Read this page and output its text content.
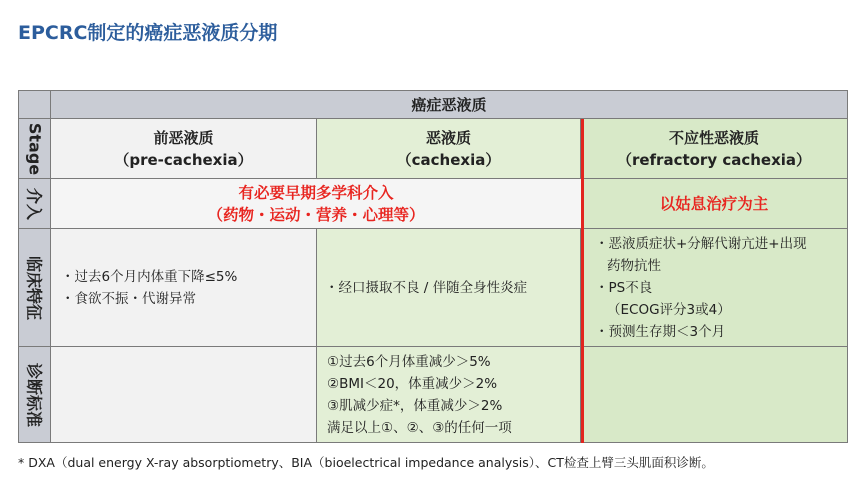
EPCRC制定的癌症恶液质分期
癌症恶液质
Stage
介入
临床特征
诊断标准
前恶液质
（pre-cachexia）
恶液质
（cachexia）
不应性恶液质
（refractory cachexia）
有必要早期多学科介入
（药物・运动・营养・心理等）
以姑息治疗为主
・过去6个月内体重下降≤5%
・食欲不振・代谢异常
・经口摄取不良 / 伴随全身性炎症
・恶液质症状+分解代谢亢进+出现
药物抗性
・PS不良
（ECOG评分3或4）
・预测生存期＜3个月
①过去6个月体重减少＞5%
②BMI＜20，体重减少＞2%
③肌减少症*，体重减少＞2%
满足以上①、②、③的任何一项
* DXA（dual energy X-ray absorptiometry、BIA（bioelectrical impedance analysis）、CT检查上臂三头肌面积诊断。
